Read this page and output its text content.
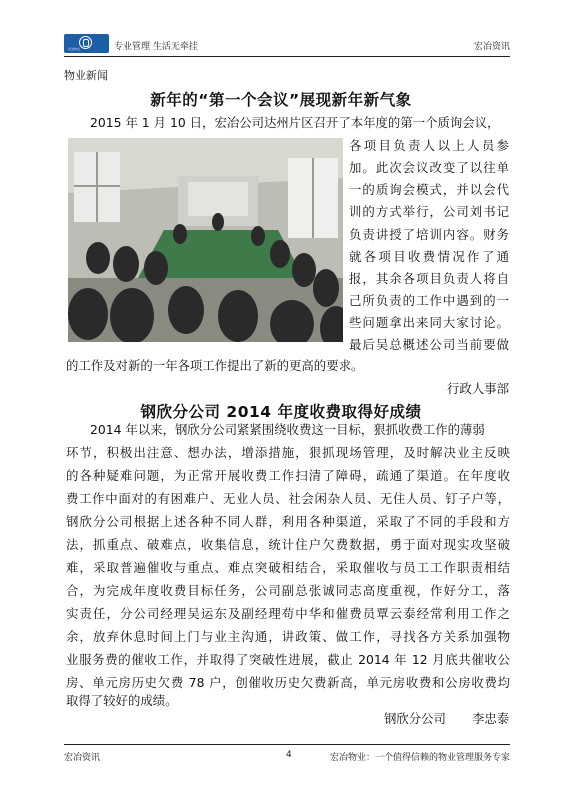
宏冶物业	专业管理 生活无牵挂	宏冶资讯
物业新闻
新年的“第一个会议”展现新年新气象
2015 年 1 月 10 日，宏冶公司达州片区召开了本年度的第一个质询会议，
各项目负责人以上人员参
加。此次会议改变了以往单
一的质询会模式，并以会代
训的方式举行，公司刘书记
负责讲授了培训内容。财务
就各项目收费情况作了通
报，其余各项目负责人将自
己所负责的工作中遇到的一
些问题拿出来同大家讨论。
最后吴总概述公司当前要做
的工作及对新的一年各项工作提出了新的更高的要求。
行政人事部
钢欣分公司 2014 年度收费取得好成绩
2014 年以来，钢欣分公司紧紧围绕收费这一目标，狠抓收费工作的薄弱
环节，积极出注意、想办法，增添措施，狠抓现场管理，及时解决业主反映
的各种疑难问题，为正常开展收费工作扫清了障碍，疏通了渠道。在年度收
费工作中面对的有困难户、无业人员、社会闲杂人员、无住人员、钉子户等，
钢欣分公司根据上述各种不同人群，利用各种渠道，采取了不同的手段和方
法，抓重点、破难点，收集信息，统计住户欠费数据，勇于面对现实攻坚破
难，采取普遍催收与重点、难点突破相结合，采取催收与员工工作职责相结
合，为完成年度收费目标任务，公司副总张诚同志高度重视，作好分工，落
实责任，分公司经理吴运东及副经理苟中华和催费员覃云泰经常利用工作之
余，放弃休息时间上门与业主沟通，讲政策、做工作，寻找各方关系加强物
业服务费的催收工作，并取得了突破性进展，截止 2014 年 12 月底共催收公
房、单元房历史欠费 78 户，创催收历史欠费新高，单元房收费和公房收费均
取得了较好的成绩。
钢欣分公司 李忠泰
宏冶资讯	4	宏冶物业：一个值得信赖的物业管理服务专家
